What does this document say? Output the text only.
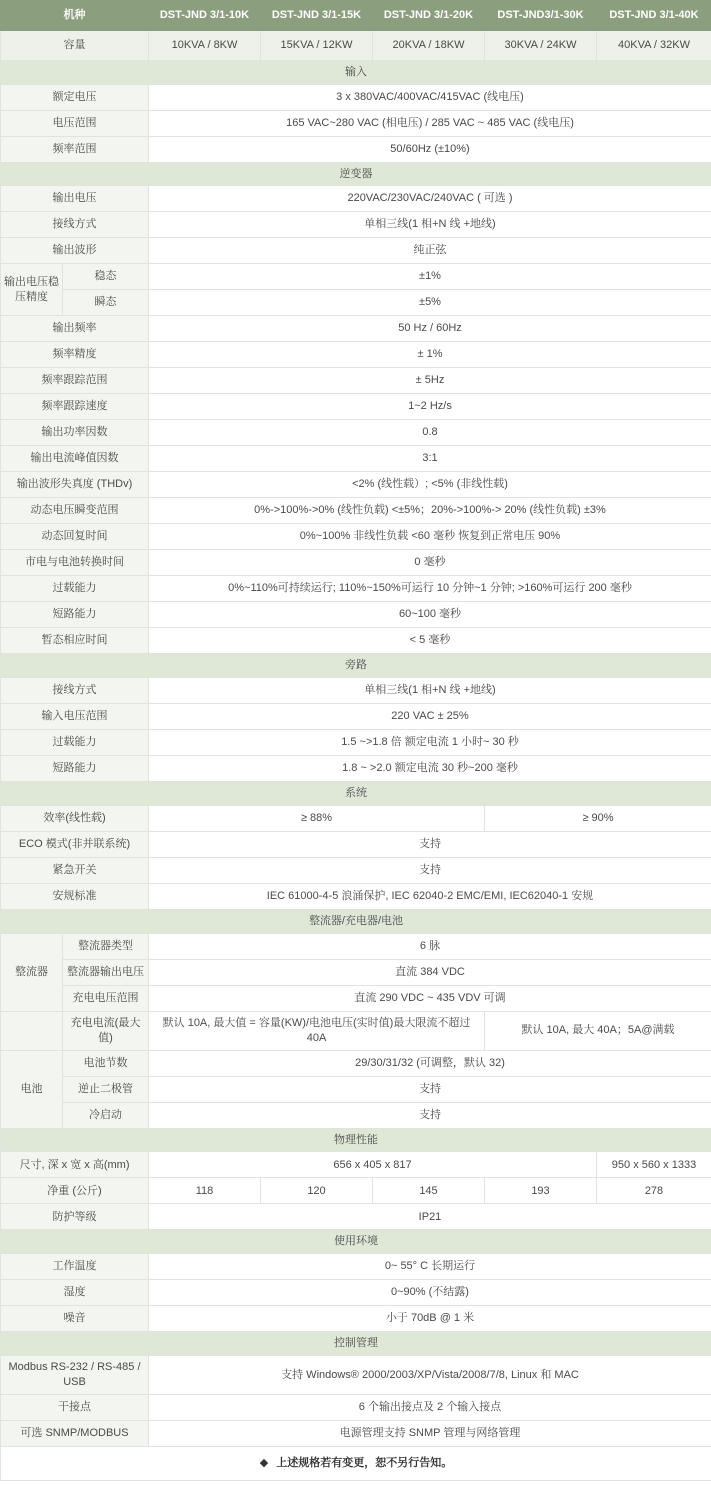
机种		DST-JND 3/1-10K	DST-JND 3/1-15K	DST-JND 3/1-20K	DST-JND3/1-30K	DST-JND 3/1-40K
容量		10KVA / 8KW	15KVA / 12KW	20KVA / 18KW	30KVA / 24KW	40KVA / 32KW
输入						
额定电压		3 x 380VAC/400VAC/415VAC (线电压)				
电压范围		165 VAC~280 VAC (相电压) / 285 VAC ~ 485 VAC (线电压)				
频率范围		50/60Hz (±10%)				
逆变器						
输出电压		220VAC/230VAC/240VAC ( 可选 )				
接线方式		单相三线(1 相+N 线 +地线)				
输出波形		纯正弦				
输出电压稳压精度	稳态	±1%				
	瞬态	±5%				
输出频率		50 Hz / 60Hz				
频率精度		± 1%				
频率跟踪范围		± 5Hz				
频率跟踪速度		1~2 Hz/s				
输出功率因数		0.8				
输出电流峰值因数		3:1				
输出波形失真度 (THDv)		<2% (线性载）; <5% (非线性载)				
动态电压瞬变范围		0%->100%->0% (线性负载) <±5%；20%->100%-> 20% (线性负载) ±3%				
动态回复时间		0%~100% 非线性负载 <60 毫秒 恢复到正常电压 90%				
市电与电池转换时间		0 毫秒				
过载能力		0%~110%可持续运行; 110%~150%可运行 10 分钟~1 分钟; >160%可运行 200 毫秒				
短路能力		60~100 毫秒				
暂态相应时间		< 5 毫秒				
旁路						
接线方式		单相三线(1 相+N 线 +地线)				
输入电压范围		220 VAC ± 25%				
过载能力		1.5 ~>1.8 倍 额定电流 1 小时~ 30 秒				
短路能力		1.8 ~ >2.0 额定电流 30 秒~200 毫秒				
系统						
效率(线性载)		≥ 88%			≥ 90%	
ECO 模式(非并联系统)		支持				
紧急开关		支持				
安规标准		IEC 61000-4-5 浪涌保护, IEC 62040-2 EMC/EMI, IEC62040-1 安规				
整流器/充电器/电池						
整流器	整流器类型	6 脉				
	整流器输出电压	直流 384 VDC				
	充电电压范围	直流 290 VDC ~ 435 VDV 可调				
	充电电流(最大值)	默认 10A, 最大值 = 容量(KW)/电池电压(实时值)最大限流不超过 40A			默认 10A, 最大 40A；5A@满载	
电池	电池节数	29/30/31/32 (可调整，默认 32)				
	逆止二极管	支持				
	冷启动	支持				
物理性能						
尺寸, 深 x 宽 x 高(mm)		656 x 405 x 817				950 x 560 x 1333
净重 (公斤)		118	120	145	193	278
防护等级		IP21				
使用环境						
工作温度		0~ 55° C 长期运行				
湿度		0~90% (不结露)				
噪音		小于 70dB @ 1 米				
控制管理						
Modbus RS-232 / RS-485 / USB		支持 Windows® 2000/2003/XP/Vista/2008/7/8, Linux 和 MAC				
干接点		6 个输出接点及 2 个输入接点				
可选 SNMP/MODBUS		电源管理支持 SNMP 管理与网络管理				
◆ 上述规格若有变更，恕不另行告知。						
